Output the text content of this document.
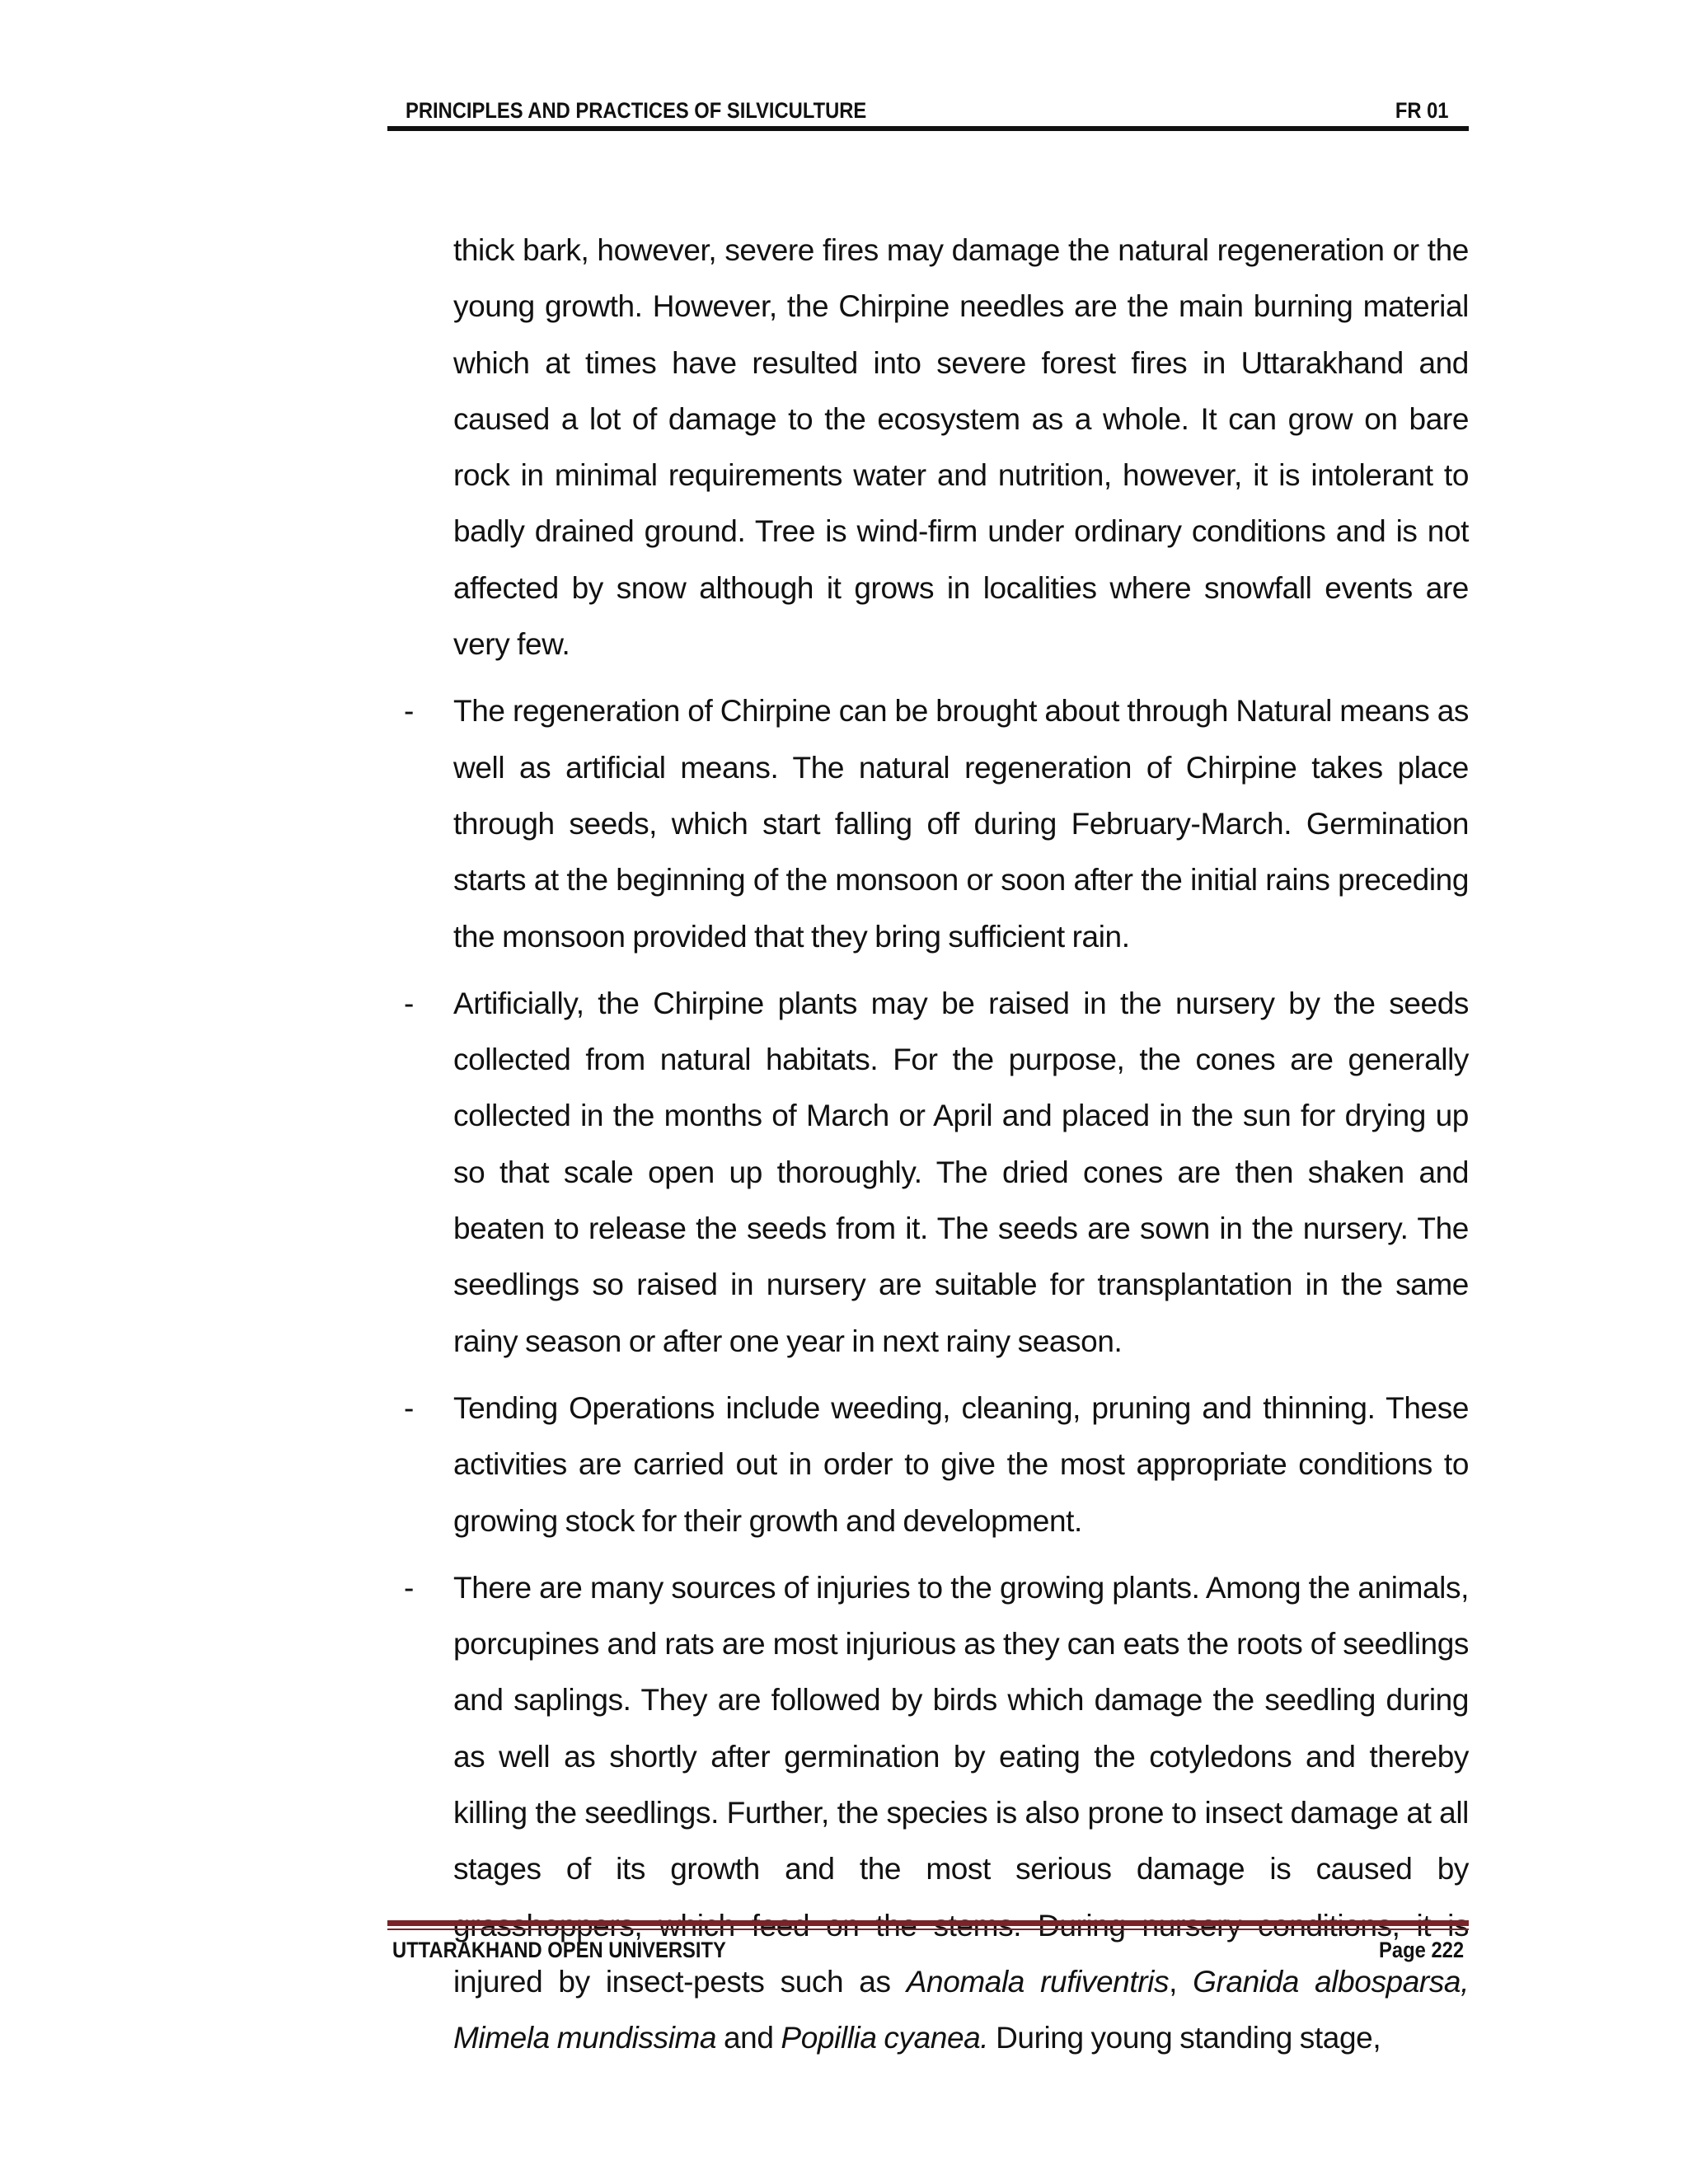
PRINCIPLES AND PRACTICES OF SILVICULTURE	FR 01

thick bark, however, severe fires may damage the natural regeneration or the young growth. However, the Chirpine needles are the main burning material which at times have resulted into severe forest fires in Uttarakhand and caused a lot of damage to the ecosystem as a whole. It can grow on bare rock in minimal requirements water and nutrition, however, it is intolerant to badly drained ground. Tree is wind-firm under ordinary conditions and is not affected by snow although it grows in localities where snowfall events are very few.

- The regeneration of Chirpine can be brought about through Natural means as well as artificial means. The natural regeneration of Chirpine takes place through seeds, which start falling off during February-March. Germination starts at the beginning of the monsoon or soon after the initial rains preceding the monsoon provided that they bring sufficient rain.

- Artificially, the Chirpine plants may be raised in the nursery by the seeds collected from natural habitats. For the purpose, the cones are generally collected in the months of March or April and placed in the sun for drying up so that scale open up thoroughly. The dried cones are then shaken and beaten to release the seeds from it. The seeds are sown in the nursery. The seedlings so raised in nursery are suitable for transplantation in the same rainy season or after one year in next rainy season.

- Tending Operations include weeding, cleaning, pruning and thinning. These activities are carried out in order to give the most appropriate conditions to growing stock for their growth and development.

- There are many sources of injuries to the growing plants. Among the animals, porcupines and rats are most injurious as they can eats the roots of seedlings and saplings. They are followed by birds which damage the seedling during as well as shortly after germination by eating the cotyledons and thereby killing the seedlings. Further, the species is also prone to insect damage at all stages of its growth and the most serious damage is caused by injured by insect-pests such as Anomala rufiventris, Granida albosparsa, Mimela mundissima and Popillia cyanea. During young standing stage,

UTTARAKHAND OPEN UNIVERSITY	Page 222
